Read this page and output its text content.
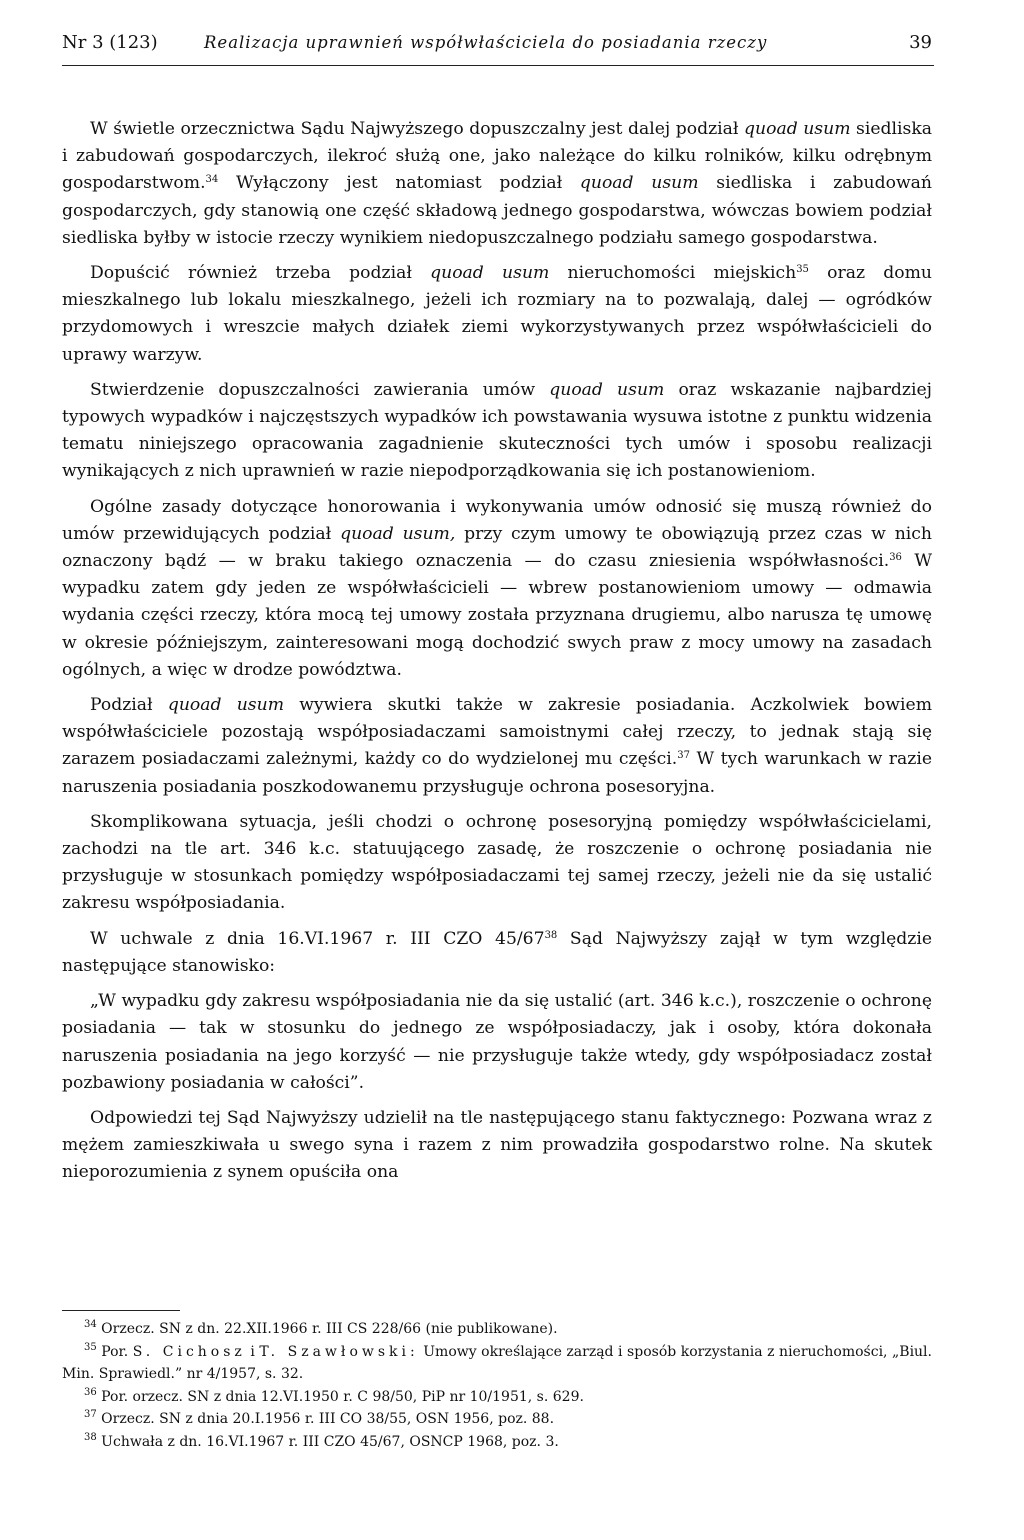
Nr 3 (123)	Realizacja uprawnień współwłaściciela do posiadania rzeczy	39

W świetle orzecznictwa Sądu Najwyższego dopuszczalny jest dalej podział quoad usum siedliska i zabudowań gospodarczych, ilekroć służą one, jako należące do kilku rolników, kilku odrębnym gospodarstwom.$^{34}$ Wyłączony jest natomiast podział quoad usum siedliska i zabudowań gospodarczych, gdy stanowią one część składową jednego gospodarstwa, wówczas bowiem podział siedliska byłby w istocie rzeczy wynikiem niedopuszczalnego podziału samego gospodarstwa.

Dopuścić również trzeba podział quoad usum nieruchomości miejskich$^{35}$ oraz domu mieszkalnego lub lokalu mieszkalnego, jeżeli ich rozmiary na to pozwalają, dalej — ogródków przydomowych i wreszcie małych działek ziemi wykorzystywanych przez współwłaścicieli do uprawy warzyw.

Stwierdzenie dopuszczalności zawierania umów quoad usum oraz wskazanie najbardziej typowych wypadków i najczęstszych wypadków ich powstawania wysuwa istotne z punktu widzenia tematu niniejszego opracowania zagadnienie skuteczności tych umów i sposobu realizacji wynikających z nich uprawnień w razie niepodporządkowania się ich postanowieniom.

Ogólne zasady dotyczące honorowania i wykonywania umów odnosić się muszą również do umów przewidujących podział quoad usum, przy czym umowy te obowiązują przez czas w nich oznaczony bądź — w braku takiego oznaczenia — do czasu zniesienia współwłasności.$^{36}$ W wypadku zatem gdy jeden ze współwłaścicieli — wbrew postanowieniom umowy — odmawia wydania części rzeczy, która mocą tej umowy została przyznana drugiemu, albo narusza tę umowę w okresie późniejszym, zainteresowani mogą dochodzić swych praw z mocy umowy na zasadach ogólnych, a więc w drodze powództwa.

Podział quoad usum wywiera skutki także w zakresie posiadania. Aczkolwiek bowiem współwłaściciele pozostają współposiadaczami samoistnymi całej rzeczy, to jednak stają się zarazem posiadaczami zależnymi, każdy co do wydzielonej mu części.$^{37}$ W tych warunkach w razie naruszenia posiadania poszkodowanemu przysługuje ochrona posesoryjna.

Skomplikowana sytuacja, jeśli chodzi o ochronę posesoryjną pomiędzy współwłaścicielami, zachodzi na tle art. 346 k.c. statuującego zasadę, że roszczenie o ochronę posiadania nie przysługuje w stosunkach pomiędzy współposiadaczami tej samej rzeczy, jeżeli nie da się ustalić zakresu współposiadania.

W uchwale z dnia 16.VI.1967 r. III CZO $45/67^{38}$ Sąd Najwyższy zajął w tym względzie następujące stanowisko:

„W wypadku gdy zakresu współposiadania nie da się ustalić (art. 346 k.c.), roszczenie o ochronę posiadania — tak w stosunku do jednego ze współposiadaczy, jak i osoby, która dokonała naruszenia posiadania na jego korzyść — nie przysługuje także wtedy, gdy współposiadacz został pozbawiony posiadania w całości”.

Odpowiedzi tej Sąd Najwyższy udzielił na tle następującego stanu faktycznego: Pozwana wraz z mężem zamieszkiwała u swego syna i razem z nim prowadziła gospodarstwo rolne. Na skutek nieporozumienia z synem opuściła ona

$^{34}$ Orzecz. SN z dn. 22.XII.1966 r. III CS 228/66 (nie publikowane).

$^{35}$ Por. S. Cichosz i T. Szawłowski: Umowy określające zarząd i sposób korzystania z nieruchomości, „Biul. Min. Sprawiedl.” nr 4/1957, s. 32.

$^{36}$ Por. orzecz. SN z dnia 12.VI.1950 r. C 98/50, PiP nr 10/1951, s. 629.

$^{37}$ Orzecz. SN z dnia 20.I.1956 r. III CO 38/55, OSN 1956, poz. 88.

$^{38}$ Uchwała z dn. 16.VI.1967 r. III CZO 45/67, OSNCP 1968, poz. 3.
